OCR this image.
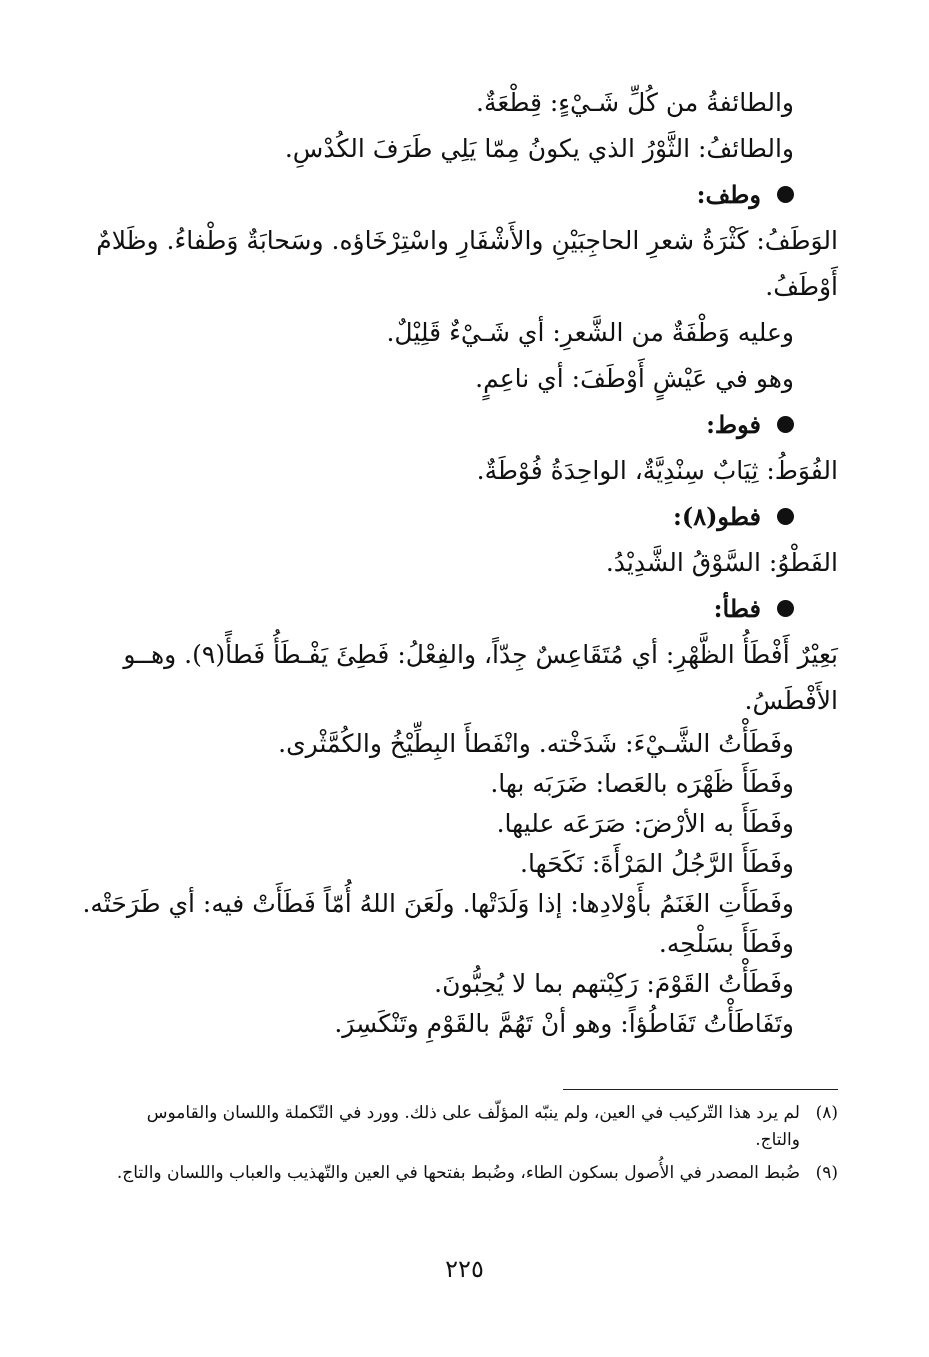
والطائفةُ من كُلِّ شَـيْءٍ: قِطْعَةٌ.
والطائفُ: الثَّوْرُ الذي يكونُ مِمّا يَلِي طَرَفَ الكُدْسِ.
وطف:
الوَطَفُ: كَثْرَةُ شعرِ الحاجِبَيْنِ والأَشْفَارِ واسْتِرْخَاؤه. وسَحابَةٌ وَطْفاءُ. وظَلامٌ
أَوْطَفُ.
وعليه وَطْفَةٌ من الشَّعرِ: أي شَـيْءٌ قَلِيْلٌ.
وهو في عَيْشٍ أَوْطَفَ: أي ناعِمٍ.
فوط:
الفُوَطُ: ثِيَابٌ سِنْدِيَّةٌ، الواحِدَةُ فُوْطَةٌ.
فطو(٨):
الفَطْوُ: السَّوْقُ الشَّدِيْدُ.
فطأ:
بَعِيْرٌ أَفْطَأُ الظَّهْرِ: أي مُتَقَاعِسٌ جِدّاً، والفِعْلُ: فَطِئَ يَفْـطَأُ فَطأً(٩). وهــو
الأَفْطَسُ.
وفَطَأْتُ الشَّـيْءَ: شَدَخْته. وانْفَطأَ البِطِّيْخُ والكُمَّثْرى.
وفَطَأَ ظَهْرَه بالعَصا: ضَرَبَه بها.
وفَطَأَ به الأرْضَ: صَرَعَه عليها.
وفَطَأَ الرَّجُلُ المَرْأَةَ: نَكَحَها.
وفَطَأَتِ الغَنَمُ بأَوْلادِها: إذا وَلَدَتْها. ولَعَنَ اللهُ أُمّاً فَطَأَتْ فيه: أي طَرَحَتْه.
وفَطَأَ بسَلْحِه.
وفَطَأْتُ القَوْمَ: رَكِبْتهم بما لا يُحِبُّونَ.
وتَفَاطَأْتُ تَفَاطُؤاً: وهو أنْ تَهُمَّ بالقَوْمِ وتَنْكَسِرَ.
(٨)
لم يرد هذا التّركيب في العين، ولم ينبّه المؤلّف على ذلك. وورد في التّكملة واللسان والقاموس والتاج.
(٩)
ضُبط المصدر في الأُصول بسكون الطاء، وضُبط بفتحها في العين والتّهذيب والعباب واللسان والتاج.
٢٢٥
